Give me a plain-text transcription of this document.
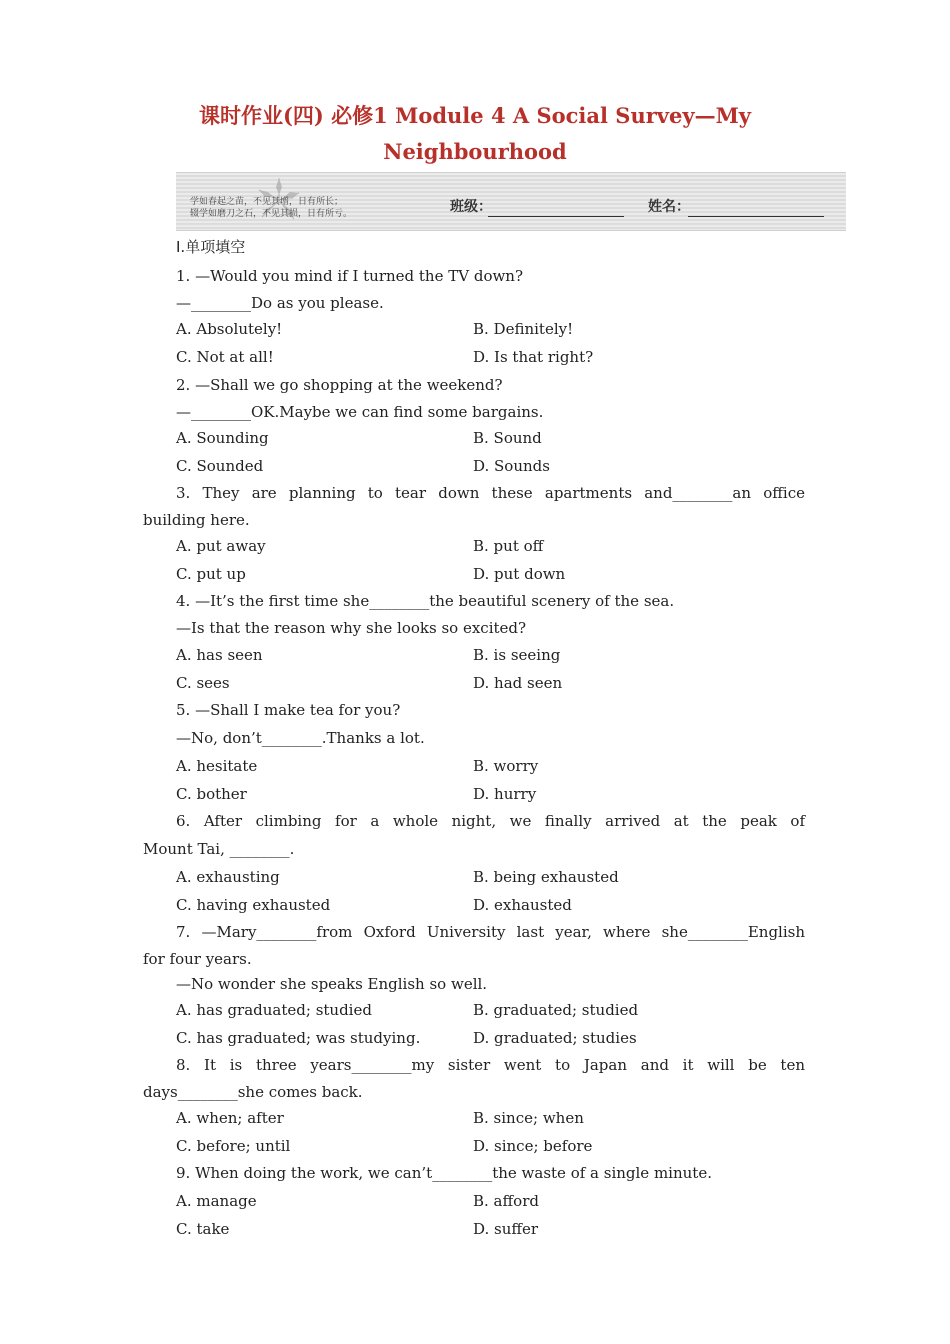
课时作业(四) 必修1 Module 4 A Social Survey—My
Neighbourhood
学如春起之苗，不见其增，日有所长；
辍学如磨刀之石，不见其损，日有所亏。	班级：	姓名：
I.单项填空
1. —Would you mind if I turned the TV down?
—________Do as you please.
A. Absolutely!	B. Definitely!
C. Not at all!	D. Is that right?
2. —Shall we go shopping at the weekend?
—________OK.Maybe we can find some bargains.
A. Sounding	B. Sound
C. Sounded	D. Sounds
3. They are planning to tear down these apartments and________an office
building here.
A. put away	B. put off
C. put up	D. put down
4. —It’s the first time she________the beautiful scenery of the sea.
—Is that the reason why she looks so excited?
A. has seen	B. is seeing
C. sees	D. had seen
5. —Shall I make tea for you?
—No, don’t________.Thanks a lot.
A. hesitate	B. worry
C. bother	D. hurry
6. After climbing for a whole night, we finally arrived at the peak of
Mount Tai, ________.
A. exhausting	B. being exhausted
C. having exhausted	D. exhausted
7. —Mary________from Oxford University last year, where she________English
for four years.
—No wonder she speaks English so well.
A. has graduated; studied	B. graduated; studied
C. has graduated; was studying.	D. graduated; studies
8. It is three years________my sister went to Japan and it will be ten
days________she comes back.
A. when; after	B. since; when
C. before; until	D. since; before
9. When doing the work, we can’t________the waste of a single minute.
A. manage	B. afford
C. take	D. suffer
